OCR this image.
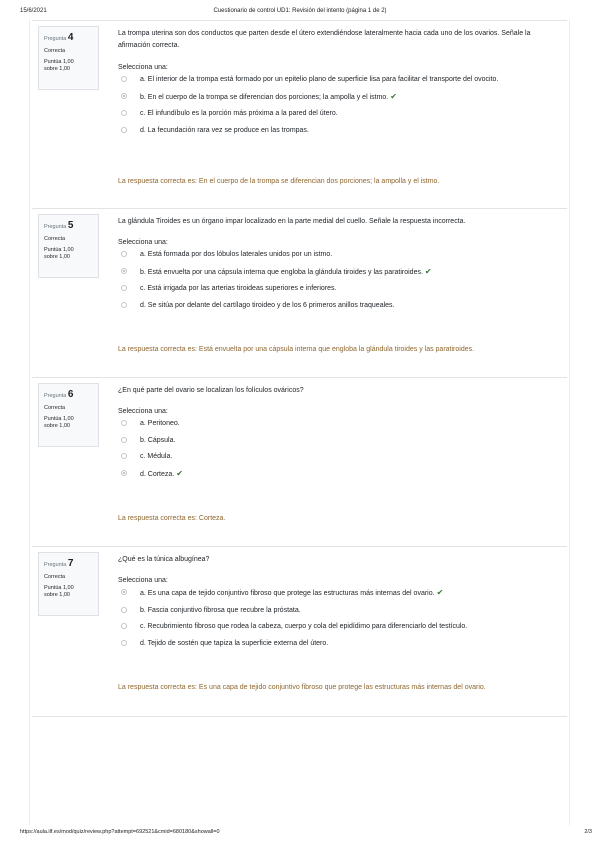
15/6/2021	Cuestionario de control UD1: Revisión del intento (página 1 de 2)
Pregunta 4
Correcta
Puntúa 1,00
sobre 1,00
La trompa uterina son dos conductos que parten desde el útero extendiéndose lateralmente hacia cada uno de los ovarios. Señale la afirmación correcta.
Selecciona una:
a. El interior de la trompa está formado por un epitelio plano de superficie lisa para facilitar el transporte del ovocito.
b. En el cuerpo de la trompa se diferencian dos porciones; la ampolla y el istmo. ✔
c. El infundíbulo es la porción más próxima a la pared del útero.
d. La fecundación rara vez se produce en las trompas.
La respuesta correcta es: En el cuerpo de la trompa se diferencian dos porciones; la ampolla y el istmo.
Pregunta 5
Correcta
Puntúa 1,00
sobre 1,00
La glándula Tiroides es un órgano impar localizado en la parte medial del cuello. Señale la respuesta incorrecta.
Selecciona una:
a. Está formada por dos lóbulos laterales unidos por un istmo.
b. Está envuelta por una cápsula interna que engloba la glándula tiroides y las paratiroides. ✔
c. Está irrigada por las arterias tiroideas superiores e inferiores.
d. Se sitúa por delante del cartílago tiroideo y de los 6 primeros anillos traqueales.
La respuesta correcta es: Está envuelta por una cápsula interna que engloba la glándula tiroides y las paratiroides.
Pregunta 6
Correcta
Puntúa 1,00
sobre 1,00
¿En qué parte del ovario se localizan los folículos ováricos?
Selecciona una:
a. Peritoneo.
b. Cápsula.
c. Médula.
d. Corteza. ✔
La respuesta correcta es: Corteza.
Pregunta 7
Correcta
Puntúa 1,00
sobre 1,00
¿Qué es la túnica albugínea?
Selecciona una:
a. Es una capa de tejido conjuntivo fibroso que protege las estructuras más internas del ovario. ✔
b. Fascia conjuntivo fibrosa que recubre la próstata.
c. Recubrimiento fibroso que rodea la cabeza, cuerpo y cola del epidídimo para diferenciarlo del testículo.
d. Tejido de sostén que tapiza la superficie externa del útero.
La respuesta correcta es: Es una capa de tejido conjuntivo fibroso que protege las estructuras más internas del ovario.
https://aula.ilf.es/mod/quiz/review.php?attempt=692521&cmid=680180&showall=0	2/3
